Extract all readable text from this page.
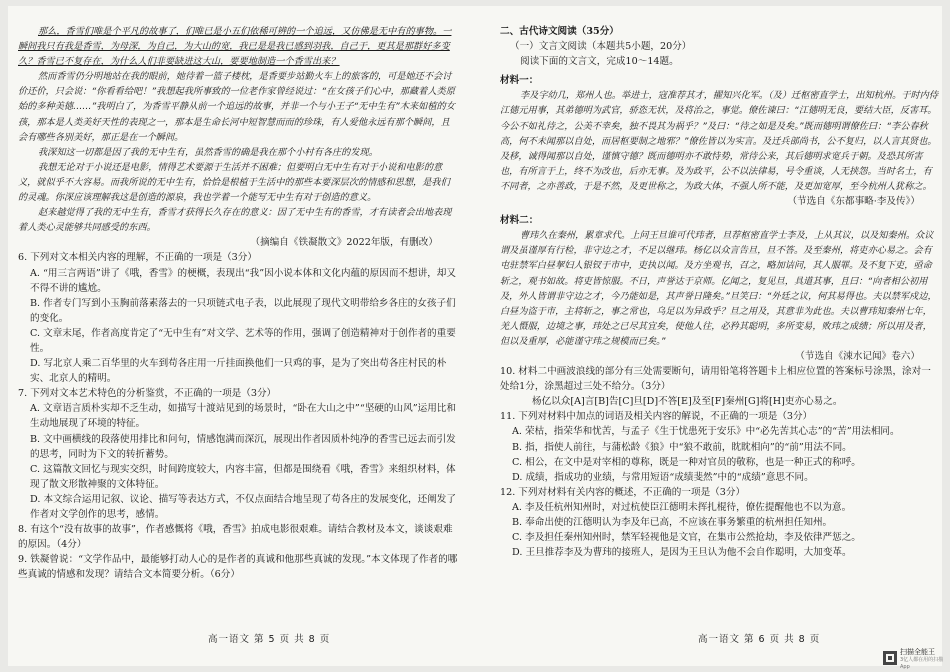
那么，香雪们唯是个平凡的故事了，们唯已是小五们依稀可辨的一个追远，又仿佛是无中有的事物。一瞬间我只有我是香雪，为母深，为自己，为大山的宽，我已是是我已感到羽我，自己于，更其是那群好多变久？香雪已不复存在，为什么人们非要缺进这大山，要要地制造一个香雪出来？

然而香雪仍分明地站在我的眼前，她待着一篮子楼枕，是香要步站勤火车上的旅客的，可是她还不会讨价还价，只会说：“你看看给吧！”我想起我所事致的一位老作家曾经说过：“在女孩子们心中，那藏着人类原始的多种美德……”我明白了，为香雪平静从前一个追远的故事，并非一个与小王子“无中生有”木来如植的女孩，那本是人类美好天性的表现之一，那本是生命长河中短智慧而而的珍珠，有人爱他永远有那个瞬间，且会有哪些各别美好，那正是在一个瞬间。

我深知这一切都是因了我的无中生有，虽然香雪的确是我在那个小村有各庄的发现。

我想无论对于小说还是电影，情得艺术要源于生活并不困难；但要明白无中生有对于小说和电影的意义，就似乎不大容易。而我所说的无中生有，恰恰是根植于生活中的那些本要深层次的情感和思想，是我们的灵魂。你深应该理解我这是创造的源泉，我也学着一个能写无中生有对于创造的意义。

赵来越觉得了我的无中生有，香雪才获得长久存在的意义：因了无中生有的香雪，才有读者会出地表现着人类心灵能够共同感受的东西。

（摘编自《铁凝散文》2022年版，有删改）

6. 下列对文本相关内容的理解，不正确的一项是（3分）

A. “用三言两语”讲了《哦，香雪》的梗概，表现出“我”因小说本体和文化内蕴的原因而不想讲，却又不得不讲的尴尬。

B. 作者专门写到小玉胸前落素落去的一只项链式电子表，以此展现了现代文明带给乡各庄的女孩子们的变化。

C. 文章末尾，作者高度肯定了“无中生有”对文学、艺术等的作用，强调了创造精神对于创作者的重要性。

D. 写北京人乘二百华里的火车到苟各庄用一斤挂面换他们一只鸡的事，是为了突出苟各庄村民的朴实、北京人的精明。

7. 下列对文本艺术特色的分析鉴赏，不正确的一项是（3分）

A. 文章语言质朴实却不乏生动，如描写十渡站见到的场景时，“卧在大山之中”“坚硬的山风”运用比和生动地展现了环境的特征。

B. 文中画横线的段落使用排比和问句，情感饱满而深沉，展现出作者因质朴纯净的香雪已远去而引发的思考，同时为下文的转折蓄势。

C. 这篇散文回忆与现实交织，时间跨度较大，内容丰富，但都是围绕看《哦，香雪》来组织材料，体现了散文形散神聚的文体特征。

D. 本文综合运用记叙、议论、描写等表达方式，不仅点面结合地呈现了苟各庄的发展变化，还阐发了作者对文学创作的思考，感情。

8. 有这个“没有故事的故事”，作者感慨将《哦，香雪》拍成电影很艰难。请结合教材及本文，谈谈艰难的原因。（4分）

9. 铁凝曾说：“文学作品中，最能够打动人心的是作者的真诚和他那些真诚的发现。”本文体现了作者的哪些真诚的情感和发现？请结合文本简要分析。（6分）

二、古代诗文阅读（35分）

（一）文言文阅读（本题共5小题，20分）

阅读下面的文言文，完成10～14题。

材料一：

李及字幼几，郑州人也。举进士，寇准荐其才，擢知兴化军。（及）迁枢密直学士，出知杭州。于时内侍江德元用事，其弟德明为武官，骄恣无状，及将治之，事觉。僚佐谏曰：“江德明无良，要结大臣，反害耳。今公不如礼待之，公美不幸矣，独不畏其为祸乎？”及曰：“待之如是及矣。”既而德明谓僚佐曰：“李公春秋高，何不未闻那以自处，而居枢要制之地邪？”僚佐皆以为实言。及迁兵部尚书，公不复归，以人言其贤也。及移，诚得闻那以自处，谨慎守德？既而德明亦不敢恃势，常待公来，其后德明求宽兵于朝。及恐其所害也，有所言于上，终不为改也，后亦无事。及为政平，公不以法律易，号令重谈，人无挟怨。当时名士，有不同者，之亦善政，于是不然，及更世称之，为政大体，不强人所不能，及更加宽厚，至今杭州人犹称之。

（节选自《东都事略·李及传》）

材料二：

曹玮久在秦州，累章求代。上问王旦谁可代玮者，旦荐枢密直学士李及，上从其议，以及知秦州。众议谓及虽谨厚有行检，非守边之才，不足以继玮。杨亿以众言告旦，旦不答。及至秦州，将吏亦心易之。会有屯驻禁军白昼挈妇人银钗于市中，吏执以闻。及方坐观书，召之，略加诘问，其人服罪。及不复下吏，亟命斩之，观书如故。将吏皆惊服。不日，声誉达于京师。亿闻之，复见旦，具道其事，且曰：“向者相公初用及，外人皆谓非守边之才，今乃能如是，其声誉日隆矣。”旦笑曰：“外廷之议，何其易得也。夫以禁军戍边，白昼为盗于市，主将斩之，事之常也，乌足以为异政乎？旦之用及，其意非为此也。夫以曹玮知秦州七年，羌人慑服，边境之事，玮处之已尽其宜矣，使他人往，必矜其聪明，多所变易，败玮之成绩；所以用及者，但以及重厚，必能谨守玮之规模而已矣。”

（节选自《涑水记闻》卷六）

10. 材料二中画波浪线的部分有三处需要断句，请用铅笔将答题卡上相应位置的答案标号涂黑，涂对一处给1分，涂黑超过三处不给分。（3分）

杨亿以众[A]言[B]告[C]旦[D]不答[E]及至[F]秦州[G]将[H]吏亦心易之。

11. 下列对材料中加点的词语及相关内容的解说，不正确的一项是（3分）

A. 荣枯，指荣华和忧苦，与孟子《生于忧患死于安乐》中“必先苦其心志”的“苦”用法相同。

B. 指，指使人前往，与蒲松龄《狼》中“狼不敢前，眈眈相向”的“前”用法不同。

C. 相公，在文中是对宰相的尊称，既是一种对官员的敬称，也是一种正式的称呼。

D. 成绩，指成功的业绩，与常用短语“成绩斐然”中的“成绩”意思不同。

12. 下列对材料有关内容的概述，不正确的一项是（3分）

A. 李及任杭州知州时，对过杭使臣江德明未挥扎棍待，僚佐提醒他也不以为意。

B. 奉命出使的江德明认为李及年已高，不应该在事务繁重的杭州担任知州。

C. 李及担任秦州知州时，禁军轻视他是文官，在集市公然抢劫，李及依律严惩之。

D. 王旦推荐李及为曹玮的接班人，是因为王旦认为他不会自作聪明，大加变革。

高一语文 第 5 页 共 8 页	高一语文 第 6 页 共 8 页
扫描全能王
3亿人都在用的扫描App
